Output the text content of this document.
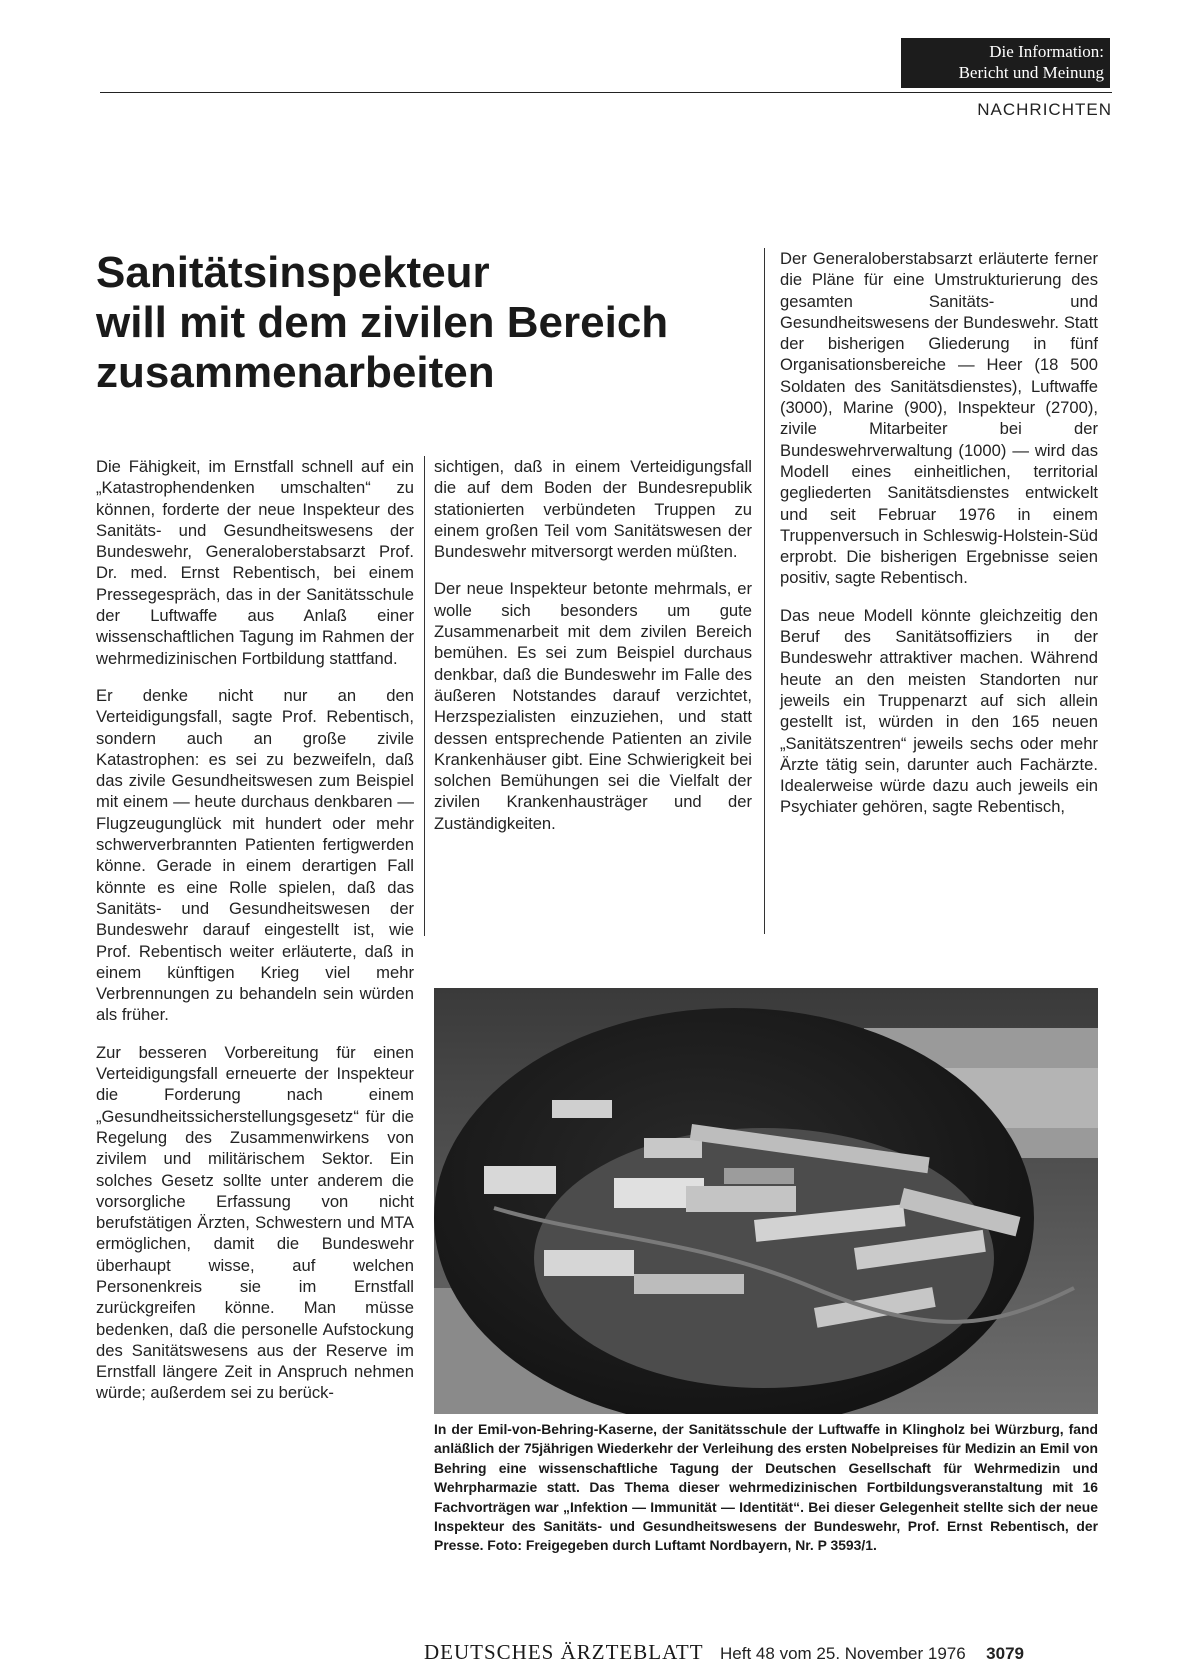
Die Information:
Bericht und Meinung
NACHRICHTEN
Sanitätsinspekteur
will mit dem zivilen Bereich
zusammenarbeiten

Die Fähigkeit, im Ernstfall schnell auf ein „Katastrophendenken umschalten“ zu können, forderte der neue Inspekteur des Sanitäts- und Gesundheitswesens der Bundeswehr, Generaloberstabsarzt Prof. Dr. med. Ernst Rebentisch, bei einem Pressegespräch, das in der Sanitätsschule der Luftwaffe aus Anlaß einer wissenschaftlichen Tagung im Rahmen der wehrmedizinischen Fortbildung stattfand.

Er denke nicht nur an den Verteidigungsfall, sagte Prof. Rebentisch, sondern auch an große zivile Katastrophen: es sei zu bezweifeln, daß das zivile Gesundheitswesen zum Beispiel mit einem — heute durchaus denkbaren — Flugzeugunglück mit hundert oder mehr schwerverbrannten Patienten fertigwerden könne. Gerade in einem derartigen Fall könnte es eine Rolle spielen, daß das Sanitäts- und Gesundheitswesen der Bundeswehr darauf eingestellt ist, wie Prof. Rebentisch weiter erläuterte, daß in einem künftigen Krieg viel mehr Verbrennungen zu behandeln sein würden als früher.

Zur besseren Vorbereitung für einen Verteidigungsfall erneuerte der Inspekteur die Forderung nach einem „Gesundheitssicherstellungsgesetz“ für die Regelung des Zusammenwirkens von zivilem und militärischem Sektor. Ein solches Gesetz sollte unter anderem die vorsorgliche Erfassung von nicht berufstätigen Ärzten, Schwestern und MTA ermöglichen, damit die Bundeswehr überhaupt wisse, auf welchen Personenkreis sie im Ernstfall zurückgreifen könne. Man müsse bedenken, daß die personelle Aufstockung des Sanitätswesens aus der Reserve im Ernstfall längere Zeit in Anspruch nehmen würde; außerdem sei zu berück-

sichtigen, daß in einem Verteidigungsfall die auf dem Boden der Bundesrepublik stationierten verbündeten Truppen zu einem großen Teil vom Sanitätswesen der Bundeswehr mitversorgt werden müßten.

Der neue Inspekteur betonte mehrmals, er wolle sich besonders um gute Zusammenarbeit mit dem zivilen Bereich bemühen. Es sei zum Beispiel durchaus denkbar, daß die Bundeswehr im Falle des äußeren Notstandes darauf verzichtet, Herzspezialisten einzuziehen, und statt dessen entsprechende Patienten an zivile Krankenhäuser gibt. Eine Schwierigkeit bei solchen Bemühungen sei die Vielfalt der zivilen Krankenhausträger und der Zuständigkeiten.

Der Generaloberstabsarzt erläuterte ferner die Pläne für eine Umstrukturierung des gesamten Sanitäts- und Gesundheitswesens der Bundeswehr. Statt der bisherigen Gliederung in fünf Organisationsbereiche — Heer (18 500 Soldaten des Sanitätsdienstes), Luftwaffe (3000), Marine (900), Inspekteur (2700), zivile Mitarbeiter bei der Bundeswehrverwaltung (1000) — wird das Modell eines einheitlichen, territorial gegliederten Sanitätsdienstes entwickelt und seit Februar 1976 in einem Truppenversuch in Schleswig-Holstein-Süd erprobt. Die bisherigen Ergebnisse seien positiv, sagte Rebentisch.

Das neue Modell könnte gleichzeitig den Beruf des Sanitätsoffiziers in der Bundeswehr attraktiver machen. Während heute an den meisten Standorten nur jeweils ein Truppenarzt auf sich allein gestellt ist, würden in den 165 neuen „Sanitätszentren“ jeweils sechs oder mehr Ärzte tätig sein, darunter auch Fachärzte. Idealerweise würde dazu auch jeweils ein Psychiater gehören, sagte Rebentisch,

In der Emil-von-Behring-Kaserne, der Sanitätsschule der Luftwaffe in Klingholz bei Würzburg, fand anläßlich der 75jährigen Wiederkehr der Verleihung des ersten Nobelpreises für Medizin an Emil von Behring eine wissenschaftliche Tagung der Deutschen Gesellschaft für Wehrmedizin und Wehrpharmazie statt. Das Thema dieser wehrmedizinischen Fortbildungsveranstaltung mit 16 Fachvorträgen war „Infektion — Immunität — Identität“. Bei dieser Gelegenheit stellte sich der neue Inspekteur des Sanitäts- und Gesundheitswesens der Bundeswehr, Prof. Ernst Rebentisch, der Presse. Foto: Freigegeben durch Luftamt Nordbayern, Nr. P 3593/1.

DEUTSCHES ÄRZTEBLATT Heft 48 vom 25. November 1976 3079
